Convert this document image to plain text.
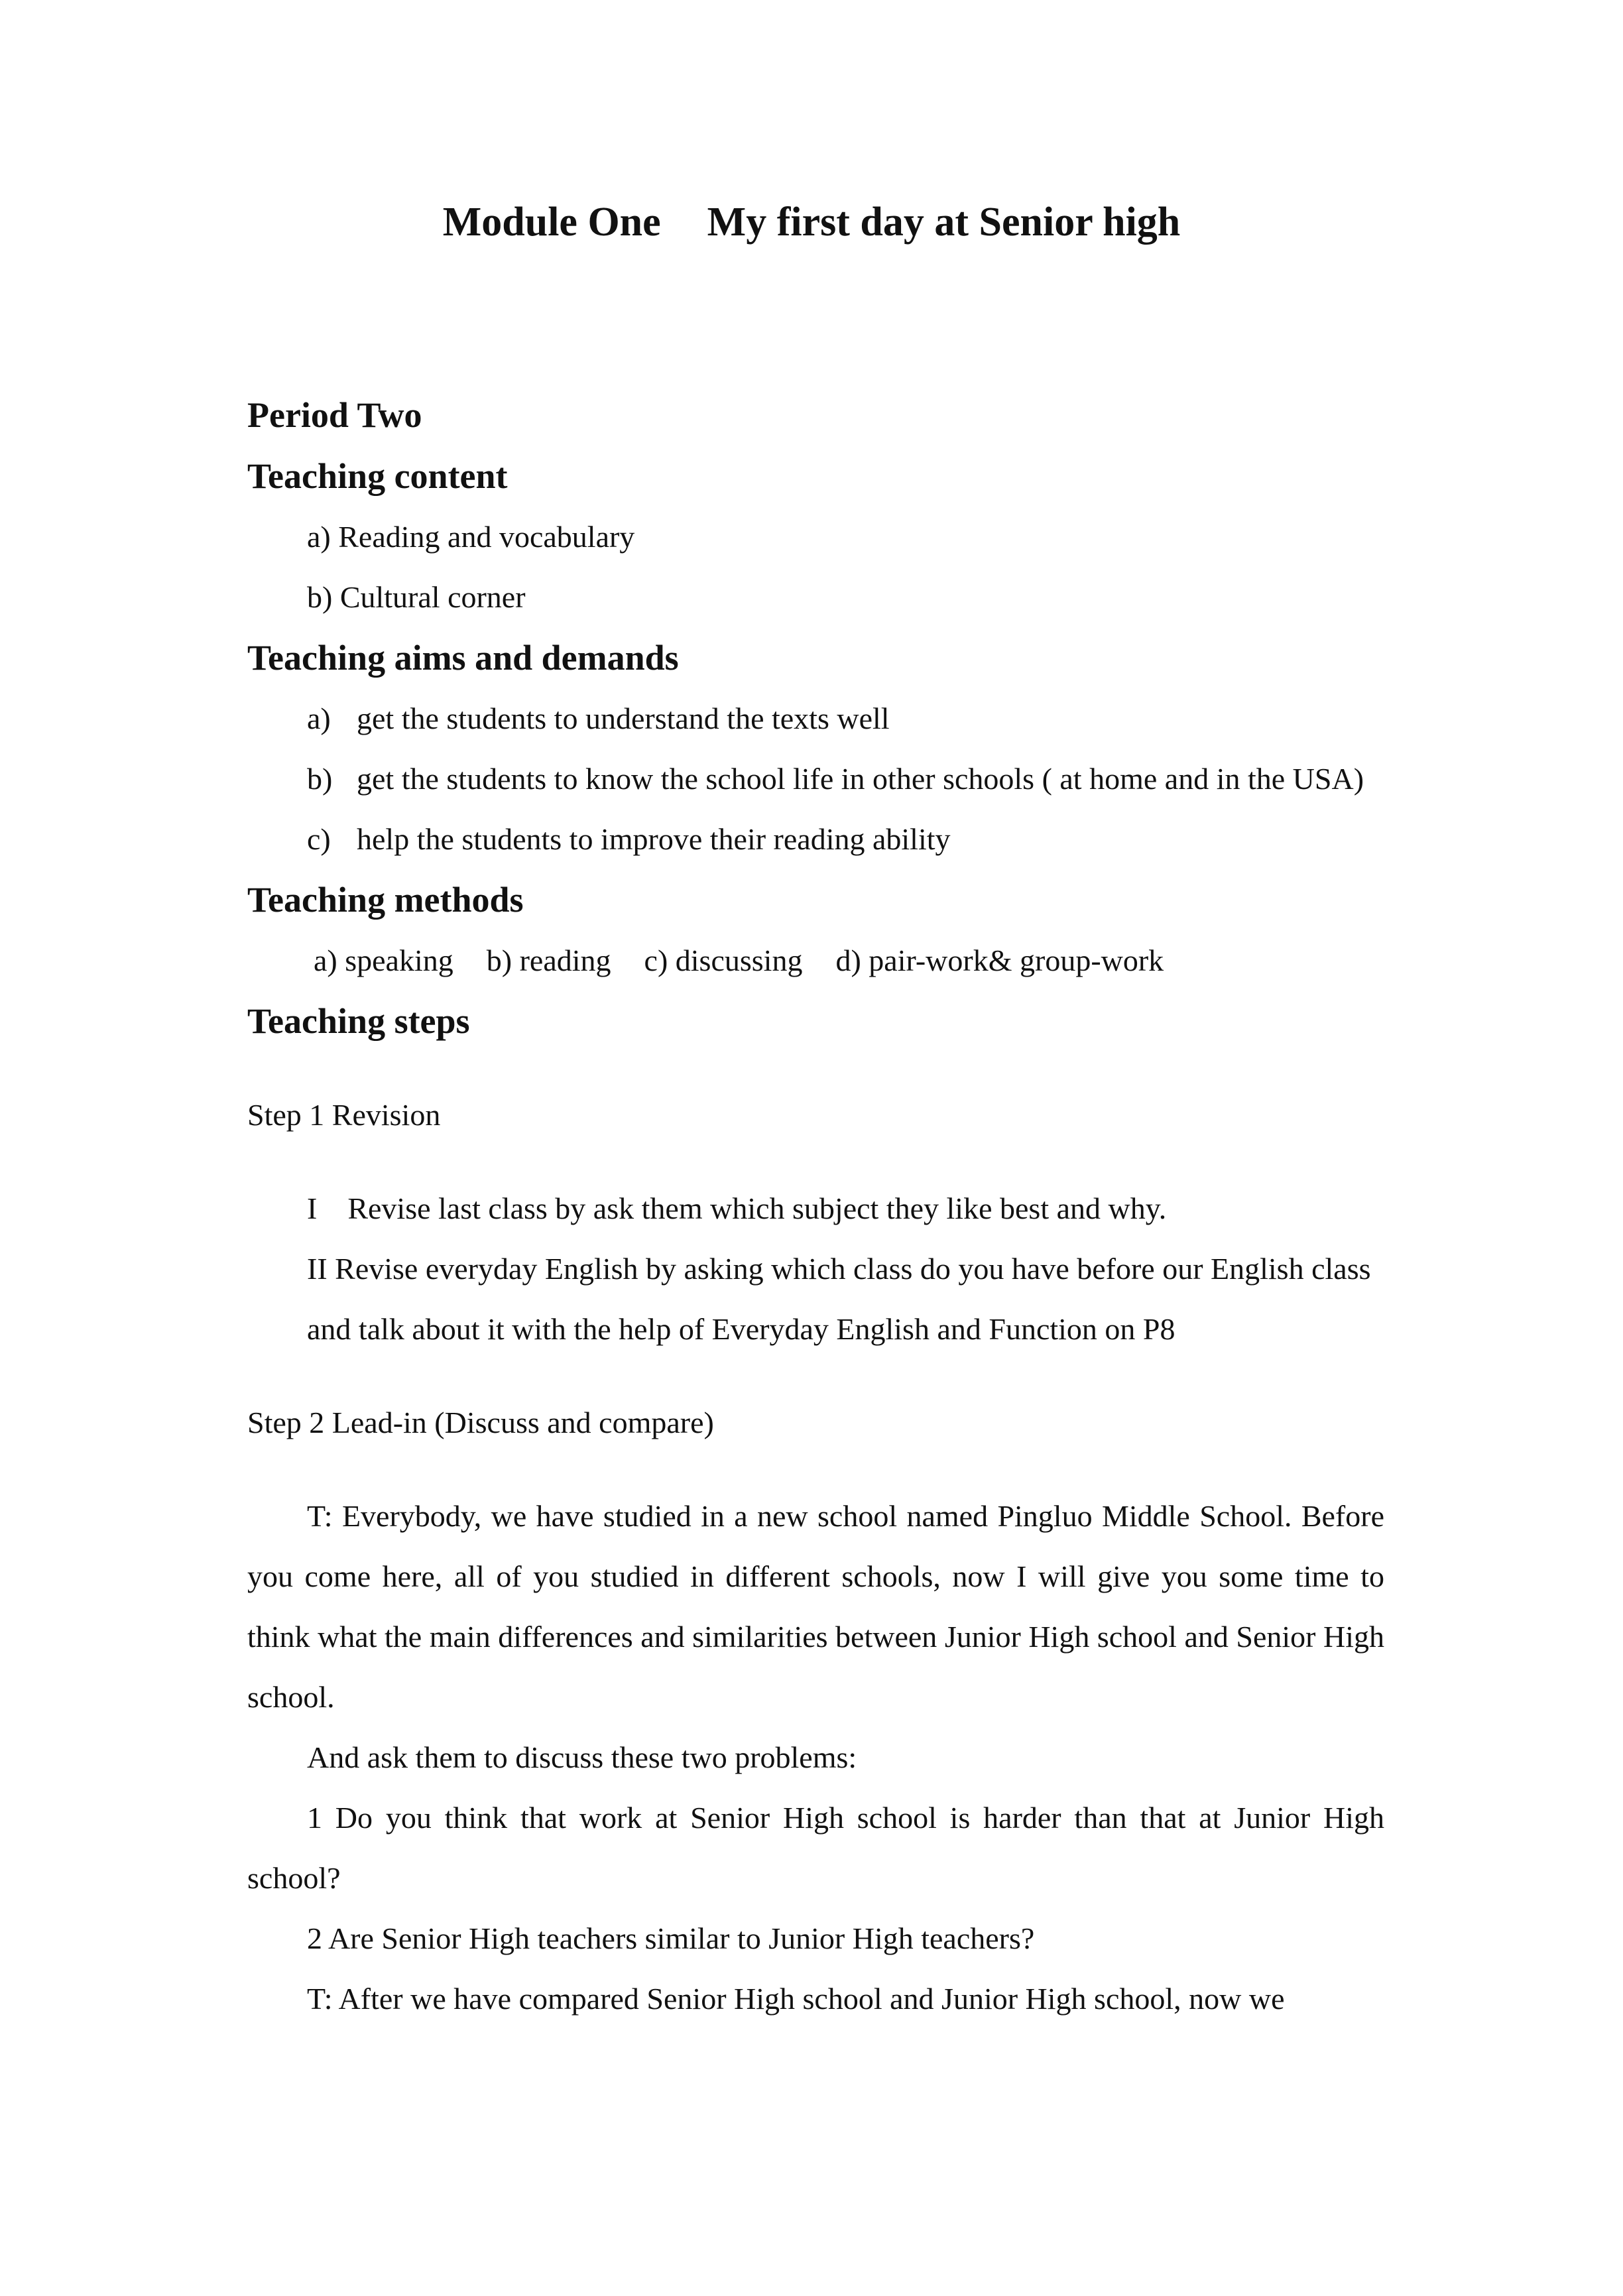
Module One My first day at Senior high
Period Two
Teaching content
a) Reading and vocabulary
b) Cultural corner
Teaching aims and demands
a) get the students to understand the texts well
b) get the students to know the school life in other schools ( at home and in the USA)
c) help the students to improve their reading ability
Teaching methods
a) speaking b) reading c) discussing d) pair-work& group-work
Teaching steps
Step 1 Revision
I    Revise last class by ask them which subject they like best and why.
II Revise everyday English by asking which class do you have before our English class and talk about it with the help of Everyday English and Function on P8
Step 2 Lead-in (Discuss and compare)
T: Everybody, we have studied in a new school named Pingluo Middle School. Before you come here, all of you studied in different schools, now I will give you some time to think what the main differences and similarities between Junior High school and Senior High school.
And ask them to discuss these two problems:
1 Do you think that work at Senior High school is harder than that at Junior High school?
2 Are Senior High teachers similar to Junior High teachers?
T: After we have compared Senior High school and Junior High school, now we
